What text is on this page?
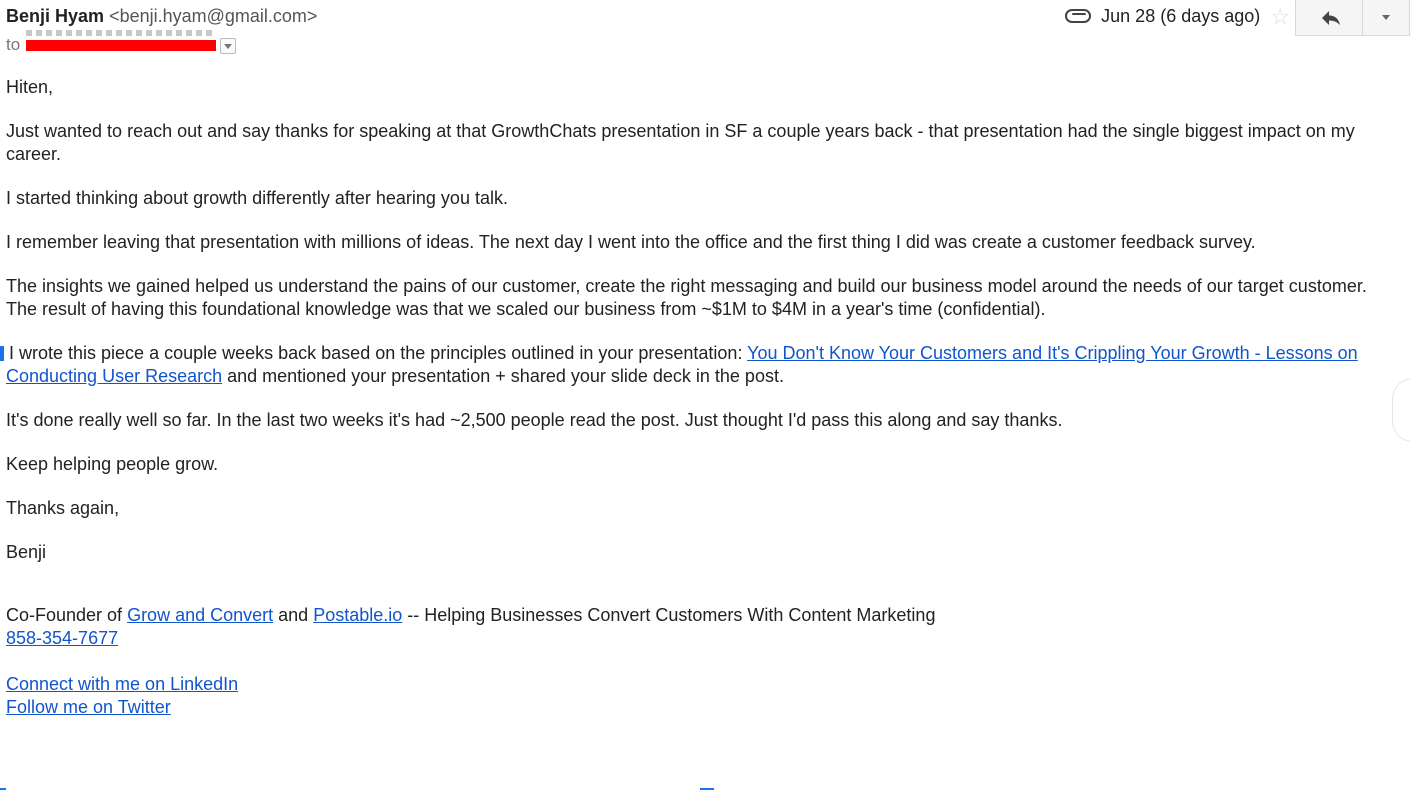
Benji Hyam <benji.hyam@gmail.com>
to
Jun 28 (6 days ago) ☆

Hiten,

Just wanted to reach out and say thanks for speaking at that GrowthChats presentation in SF a couple years back - that presentation had the single biggest impact on my career.

I started thinking about growth differently after hearing you talk.

I remember leaving that presentation with millions of ideas. The next day I went into the office and the first thing I did was create a customer feedback survey.

The insights we gained helped us understand the pains of our customer, create the right messaging and build our business model around the needs of our target customer. The result of having this foundational knowledge was that we scaled our business from ~$1M to $4M in a year's time (confidential).

I wrote this piece a couple weeks back based on the principles outlined in your presentation: You Don't Know Your Customers and It's Crippling Your Growth - Lessons on Conducting User Research and mentioned your presentation + shared your slide deck in the post.

It's done really well so far. In the last two weeks it's had ~2,500 people read the post. Just thought I'd pass this along and say thanks.

Keep helping people grow.

Thanks again,

Benji

Co-Founder of Grow and Convert and Postable.io -- Helping Businesses Convert Customers With Content Marketing
858-354-7677
Connect with me on LinkedIn
Follow me on Twitter
